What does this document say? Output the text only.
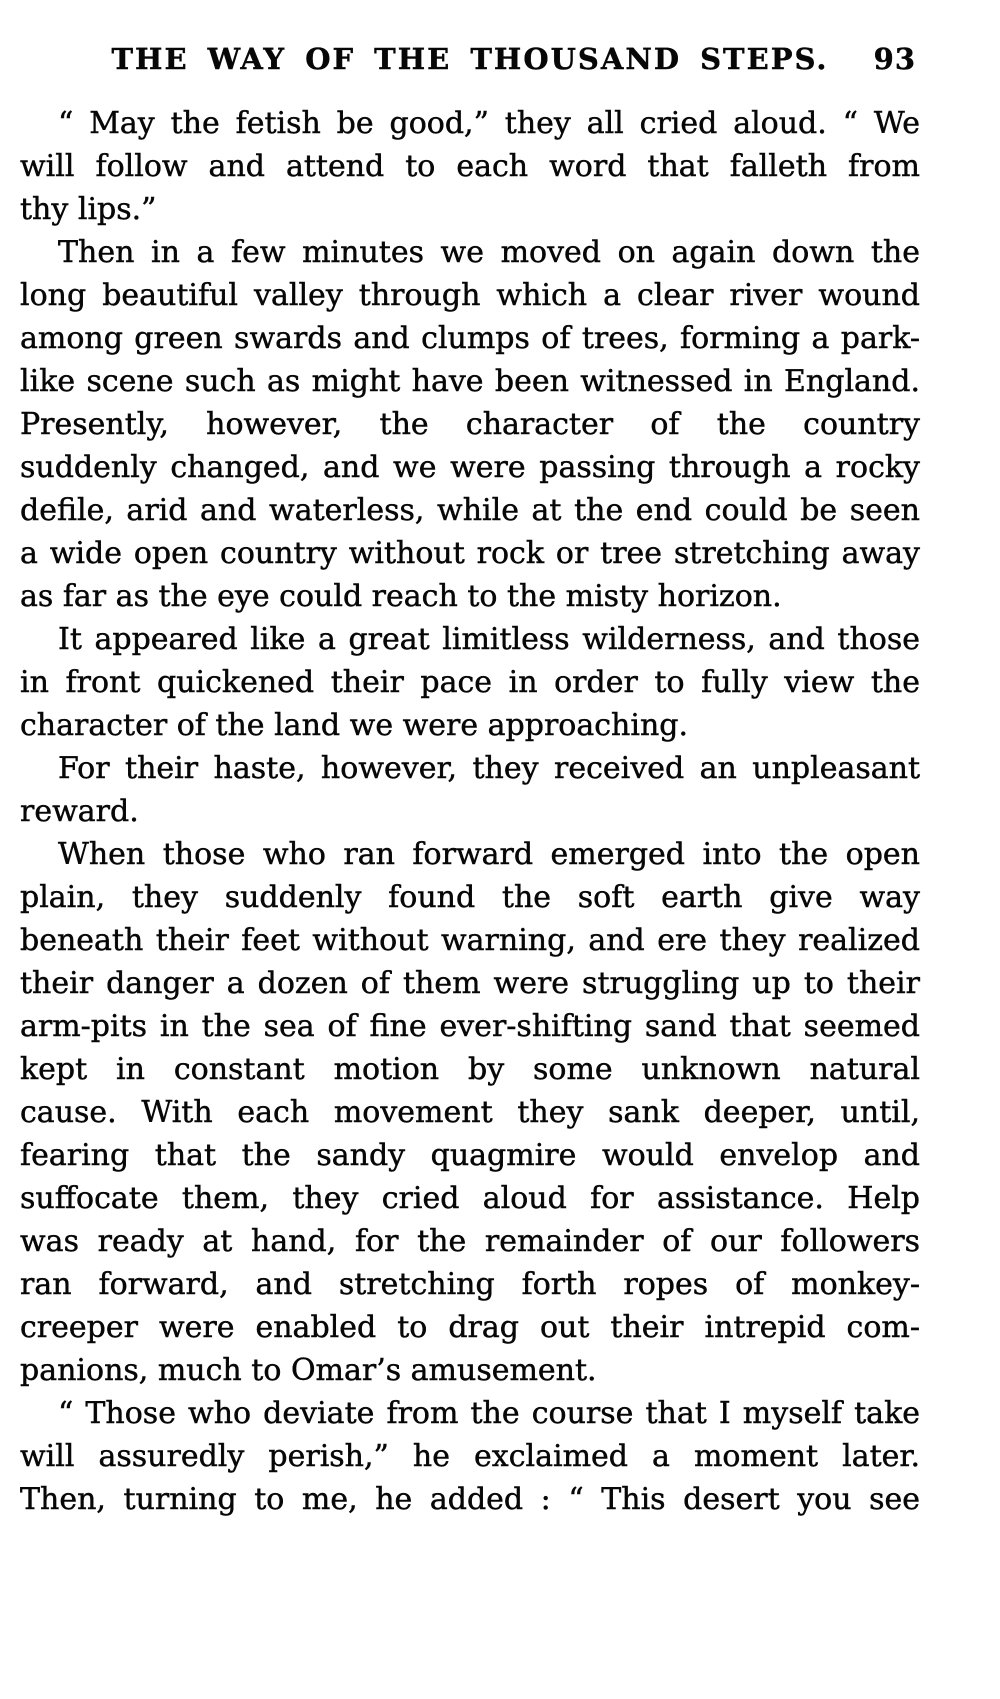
THE WAY OF THE THOUSAND STEPS. 93
“ May the fetish be good,” they all cried aloud. “ We
will follow and attend to each word that falleth from
thy lips.”
Then in a few minutes we moved on again down the
long beautiful valley through which a clear river wound
among green swards and clumps of trees, forming a park-
like scene such as might have been witnessed in England.
Presently, however, the character of the country
suddenly changed, and we were passing through a rocky
defile, arid and waterless, while at the end could be seen
a wide open country without rock or tree stretching away
as far as the eye could reach to the misty horizon.
It appeared like a great limitless wilderness, and those
in front quickened their pace in order to fully view the
character of the land we were approaching.
For their haste, however, they received an unpleasant
reward.
When those who ran forward emerged into the open
plain, they suddenly found the soft earth give way
beneath their feet without warning, and ere they realized
their danger a dozen of them were struggling up to their
arm-pits in the sea of fine ever-shifting sand that seemed
kept in constant motion by some unknown natural
cause. With each movement they sank deeper, until,
fearing that the sandy quagmire would envelop and
suffocate them, they cried aloud for assistance. Help
was ready at hand, for the remainder of our followers
ran forward, and stretching forth ropes of monkey-
creeper were enabled to drag out their intrepid com-
panions, much to Omar’s amusement.
“ Those who deviate from the course that I myself take
will assuredly perish,” he exclaimed a moment later.
Then, turning to me, he added : “ This desert you see
